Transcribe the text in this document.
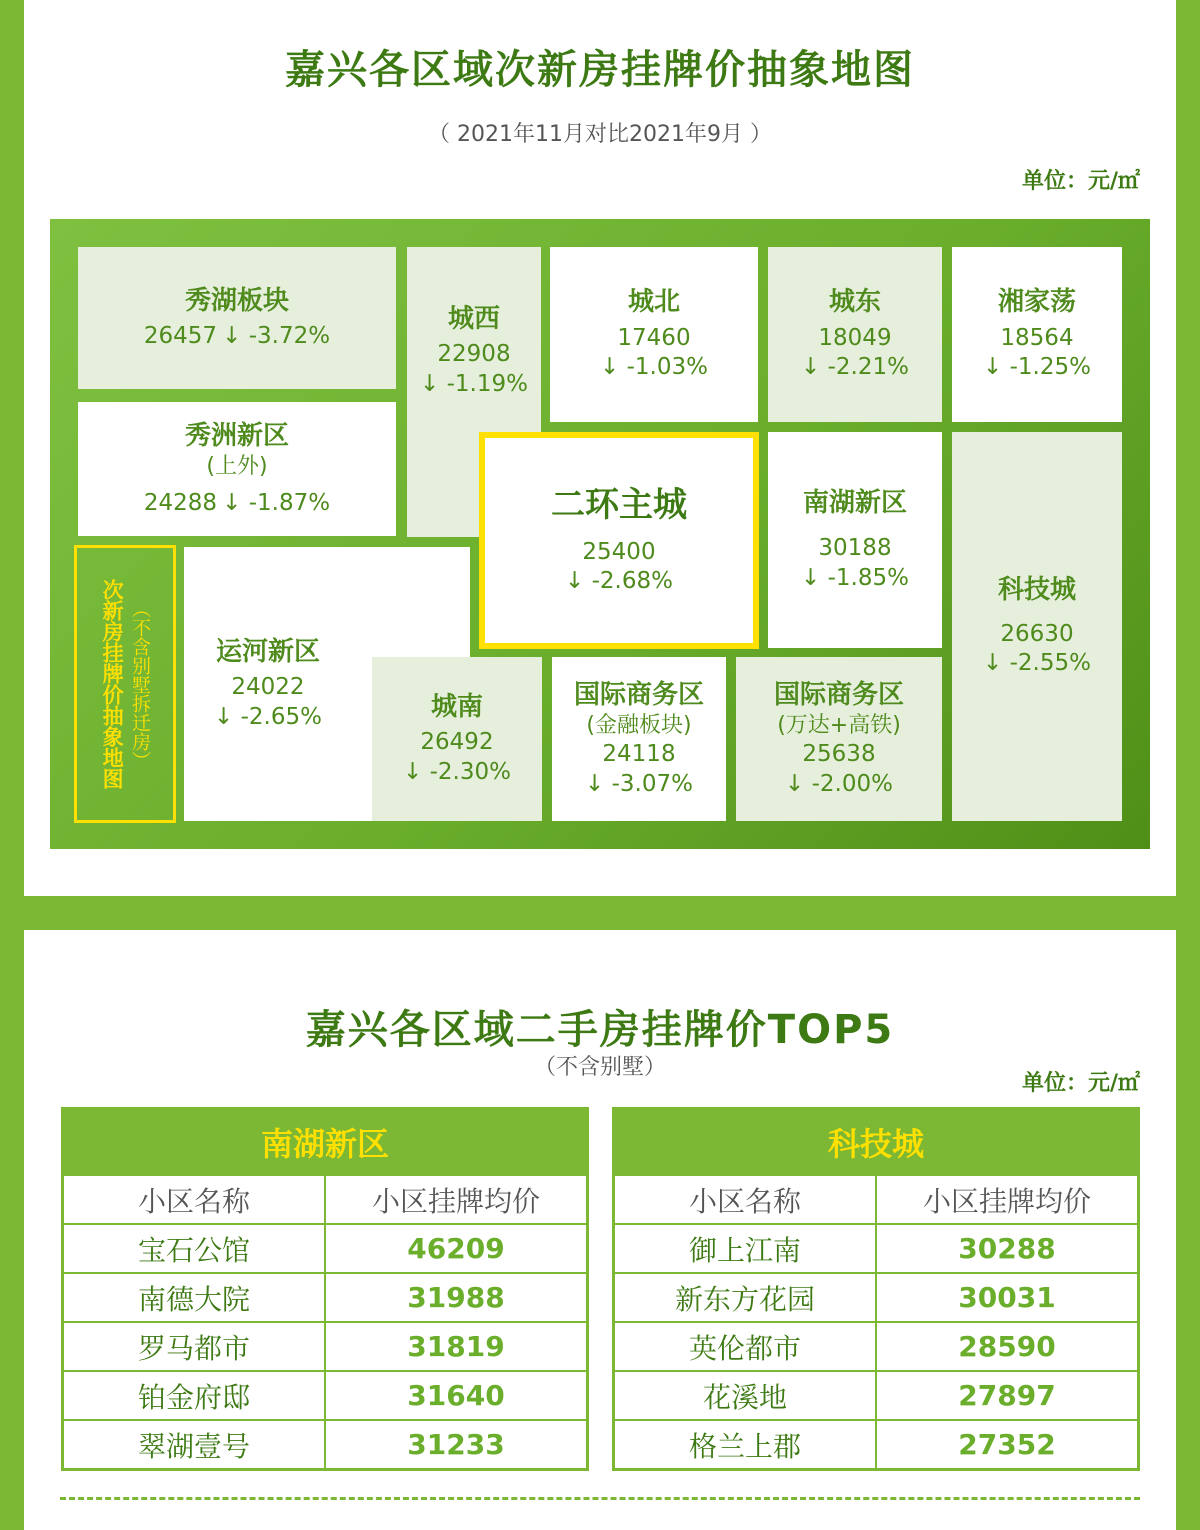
嘉兴各区域次新房挂牌价抽象地图
（ 2021年11月对比2021年9月 ）
单位：元/㎡
秀湖板块
26457 ↓ -3.72%
秀洲新区
(上外)
24288 ↓ -1.87%
城西
22908
↓ -1.19%
城北
17460
↓ -1.03%
城东
18049
↓ -2.21%
湘家荡
18564
↓ -1.25%
二环主城
25400
↓ -2.68%
南湖新区
30188
↓ -1.85%	科技城
26630
↓ -2.55%
次新房挂牌价抽象地图 （不含别墅拆迁房） 运河新区
24022
↓ -2.65%	城南
26492
↓ -2.30%
国际商务区
(金融板块)
24118
↓ -3.07%
国际商务区
(万达+高铁)
25638
↓ -2.00%
嘉兴各区域二手房挂牌价TOP5
（不含别墅）
单位：元/㎡
南湖新区
小区名称	小区挂牌均价
宝石公馆	46209
南德大院	31988
罗马都市	31819
铂金府邸	31640
翠湖壹号	31233
科技城
小区名称	小区挂牌均价
御上江南	30288
新东方花园	30031
英伦都市	28590
花溪地	27897
格兰上郡	27352
